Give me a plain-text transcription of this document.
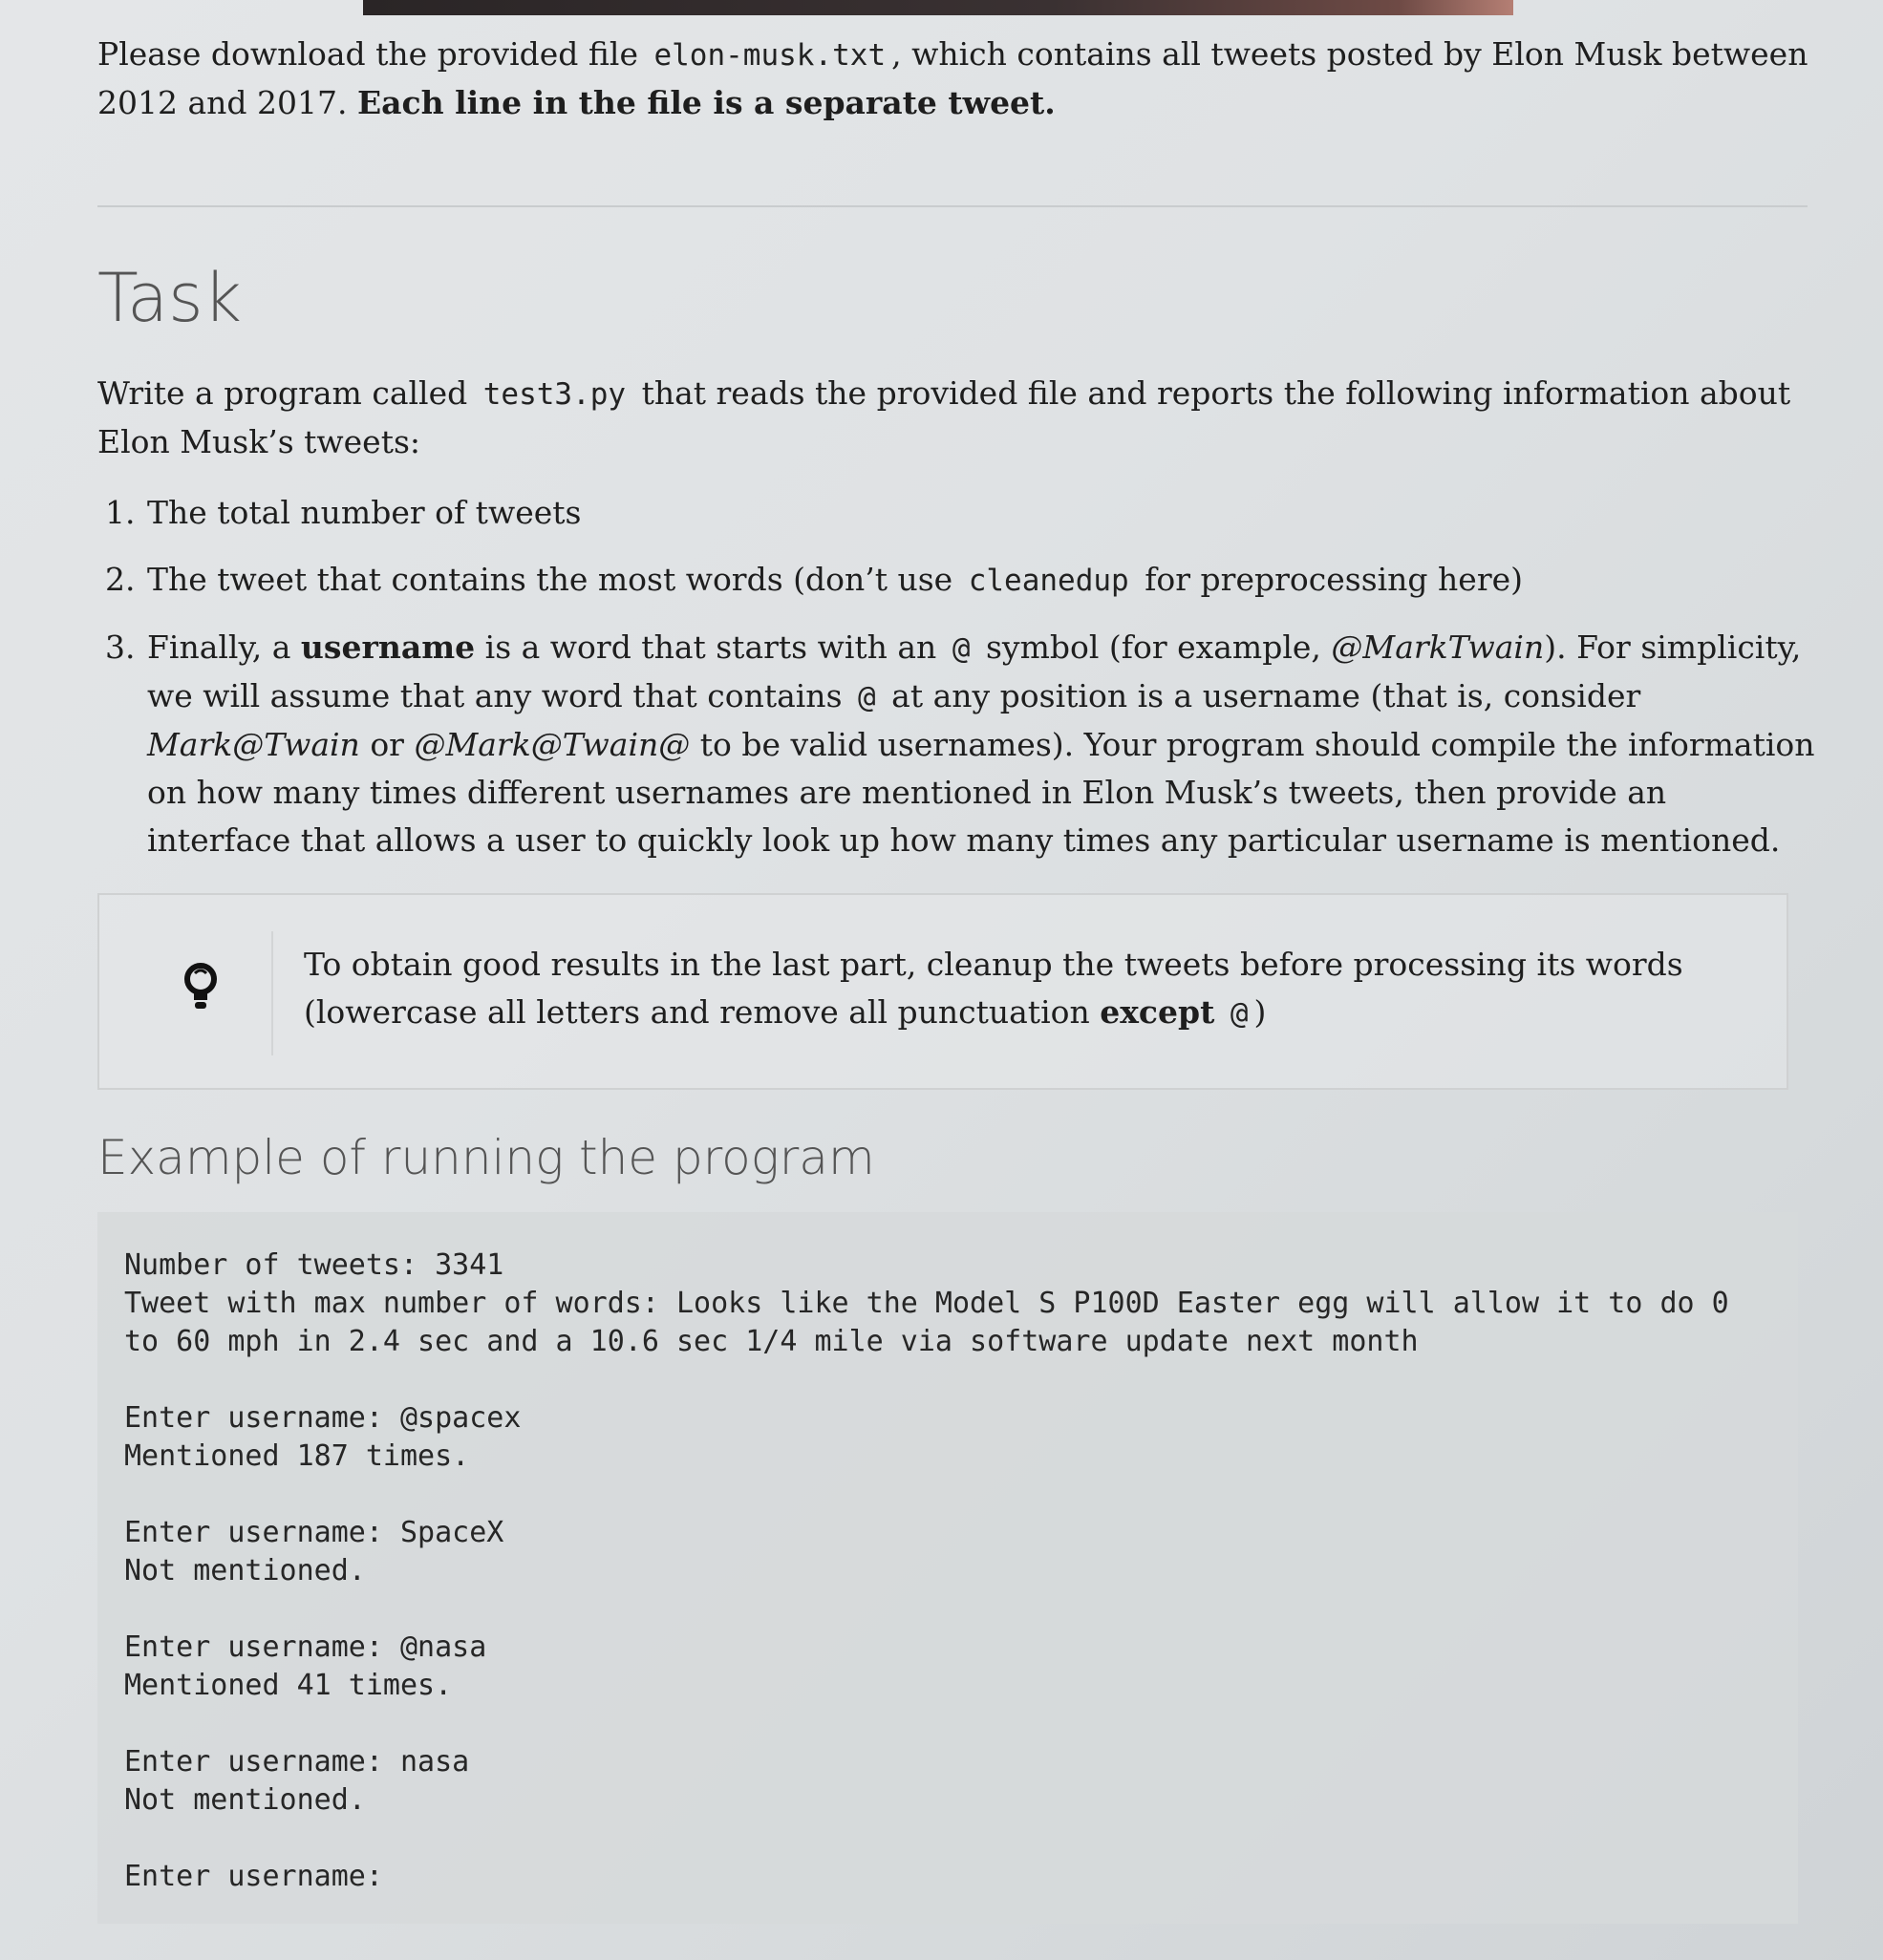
Please download the provided file elon-musk.txt , which contains all tweets posted by Elon Musk between 2012 and 2017. Each line in the file is a separate tweet.

Task

Write a program called test3.py that reads the provided file and reports the following information about Elon Musk’s tweets:

1. The total number of tweets
2. The tweet that contains the most words (don’t use cleanedup for preprocessing here)
3. Finally, a username is a word that starts with an @ symbol (for example, @MarkTwain). For simplicity, we will assume that any word that contains @ at any position is a username (that is, consider Mark@Twain or @Mark@Twain@ to be valid usernames). Your program should compile the information on how many times different usernames are mentioned in Elon Musk’s tweets, then provide an interface that allows a user to quickly look up how many times any particular username is mentioned.
To obtain good results in the last part, cleanup the tweets before processing its words (lowercase all letters and remove all punctuation except @ )
Example of running the program
Number of tweets: 3341
Tweet with max number of words: Looks like the Model S P100D Easter egg will allow it to do 0 to 60 mph in 2.4 sec and a 10.6 sec 1/4 mile via software update next month
Enter username: @spacex
Mentioned 187 times.
Enter username: SpaceX
Not mentioned.
Enter username: @nasa
Mentioned 41 times.
Enter username: nasa
Not mentioned.
Enter username:
